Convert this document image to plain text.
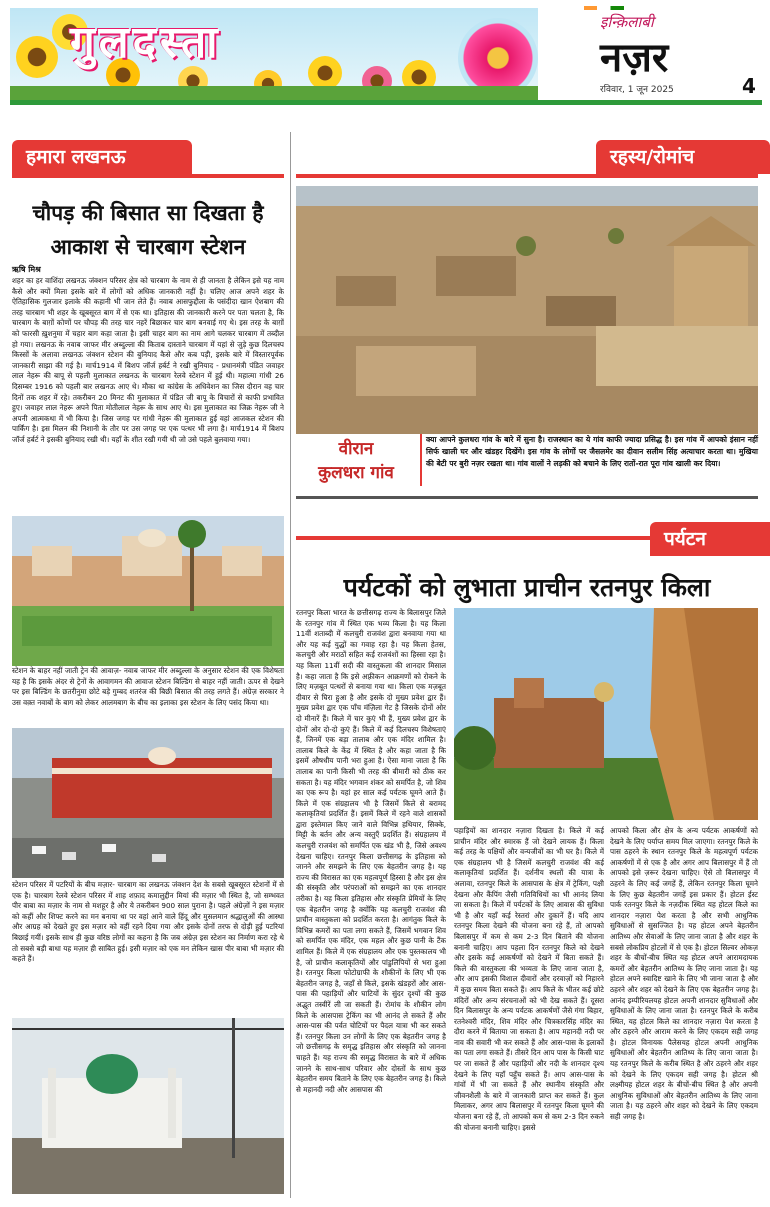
गुलदस्ता	इन्क़िलाबी
नज़र
रविवार, 1 जून 2025	4
हमारा लखनऊ
चौपड़ की बिसात सा दिखता है आकाश से चारबाग स्टेशन
ऋषि मिश्र
शहर का हर वाशिंदा लखनऊ जंक्शन परिसर क्षेत्र को चारबाग के नाम से ही जानता है लेकिन इसे यह नाम कैसे और क्यों मिला इसके बारे में लोगों को अधिक जानकारी नहीं है। चलिए आज अपने शहर के ऐतिहासिक गुलजार इलाके की कहानी भी जान लेते हैं। नवाब आसफुद्दौला के पसंदीदा खान ऐशबाग की तरह चारबाग भी शहर के खूबसूरत बाग में से एक था। इतिहास की जानकारी करने पर पता चलता है, कि चारबाग के बाग़ों कोणों पर चौपड़ की तरह चार नहरें बिछाकर चार बाग बनवाई गए थे। इस तरह के बाग़ों को फारसी ख़ुशनुमा में चहार बाग कहा जाता है। इसी चाहर बाग का नाम आगे चलकर चारबाग में तब्दील हो गया। लखनऊ के नवाब जाफर मीर अब्दुल्ला की किताब दास्ताने चारबाग में यहां से जुड़े कुछ दिलचस्प किस्सों के अलावा लखनऊ जंक्शन स्टेशन की बुनियाद कैसे और कब पड़ी, इसके बारे में विस्तारपूर्वक जानकारी साझा की गई है। मार्च1914 में बिशप जॉर्ज हर्बर्ट ने रखी बुनियाद - प्रधानमंत्री पंडित जवाहर लाल नेहरू की बापू से पहली मुलाकात लखनऊ के चारबाग रेलवे स्टेशन में हुई थी। महात्मा गांधी 26 दिसम्बर 1916 को पहली बार लखनऊ आए थे। मौका था कांग्रेस के अधिवेशन का जिस दौरान वह चार दिनों तक शहर में रहे। तकरीबन 20 मिनट की मुलाकात में पंडित जी बापू के विचारों से काफी प्रभावित हुए। जवाहर लाल नेहरू अपने पिता मोतीलाल नेहरू के साथ आए थे। इस मुलाकात का जिक्र नेहरू जी ने अपनी आत्मकथा में भी किया है। जिस जगह पर गांधी नेहरू की मुलाकात हुई वहां आजकल स्टेशन की पार्किंग है। इस मिलन की निशानी के तौर पर उस जगह पर एक पत्थर भी लगा है। मार्च1914 में बिशप जॉर्ज हर्बर्ट ने इसकी बुनियाद रखी थी। यहाँ के शीत रखी गयी थी जो उसे पहले बुलवाया गया।
स्टेशन के बाहर नहीं जाती ट्रेन की आवाज़- नवाब जाफर मीर अब्दुल्ला के अनुसार स्टेशन की एक विशेषता यह है कि इसके अंदर से ट्रेनों के आवागमन की आवाज स्टेशन बिल्डिंग से बाहर नहीं जाती। ऊपर से देखने पर इस बिल्डिंग के छतरीनुमा छोटे बड़े गुम्बद शतरंज की बिछी बिसात की तरह लगते हैं। अंग्रेज़ सरकार ने उस वक़्त नवाबों के बाग को लेकर आलमबाग के बीच का इलाका इस स्टेशन के लिए पसंद किया था।
स्टेशन परिसर में पटरियों के बीच मज़ार- चारबाग का लखनऊ जंक्शन देश के सबसे खूबसूरत स्टेशनों में से एक है। चारबाग रेलवे स्टेशन परिसर में शाह शफ़ाद कमालुद्दीन मियां की मज़ार भी स्थित है, जो सम्भवत पीर बाबा का मज़ार के नाम से मशहूर है और ये तकरीबन 900 साल पुराना है। पहले अंग्रेज़ों ने इस मज़ार को कहीं और शिफ्ट करने का मन बनाया था पर वहां आने वाले हिंदू और मुसलमान श्रद्धालुओं की आस्था और आग्रह को देखते हुए इस मज़ार को वहीं रहने दिया गया और इसके दोनों तरफ से दोड़ी हुई पटरियां बिछाई गयीं। इसके साथ ही कुछ वरिष्ठ लोगों का कहना है कि जब अंग्रेज़ इस स्टेशन का निर्माण करा रहे थे तो सबसे बड़ी बाधा यह मज़ार ही साबित हुई। इसी मज़ार को एक मन लेकिन खास पीर बाबा भी मज़ार की कहते हैं।
रहस्य/रोमांच
वीरान
कुलधरा गांव
क्या आपने कुलधरा गांव के बारे में सुना है। राजस्थान का ये गांव काफी ज्यादा प्रसिद्ध है। इस गांव में आपको इंसान नहीं सिर्फ खाली घर और खंडहर दिखेंगे। इस गांव के लोगों पर जैसलमेर का दीवान सलीम सिंह अत्याचार करता था। मुखिया की बेटी पर बुरी नज़र रखता था। गांव वालों ने लड़की को बचाने के लिए रातों-रात पूरा गांव खाली कर दिया।
पर्यटन
पर्यटकों को लुभाता प्राचीन रतनपुर किला
रतनपुर किला भारत के छत्तीसगढ़ राज्य के बिलासपुर जिले के रतनपुर गांव में स्थित एक भव्य किला है। यह किला 11वीं शताब्दी में कलचुरी राजवंश द्वारा बनवाया गया था और यह कई युद्धों का गवाह रहा है। यह किला हेतस, कलचुरी और मराठों सहित कई राजवंशों का हिस्सा रहा है। यह किला 11वीं सदी की वास्तुकला की शानदार मिसाल है। कहा जाता है कि इसे अफ़्रीकन आक्रमणों को रोकने के लिए मज़बूत पत्थरों से बनाया गया था। किला एक मज़बूत दीवार से घिरा हुआ है और इसके दो मुख्य प्रवेश द्वार हैं। मुख्य प्रवेश द्वार एक पाँच मंज़िला गेट है जिसके दोनों ओर दो मीनारें हैं। किले में चार कुएं भी हैं, मुख्य प्रवेश द्वार के दोनों ओर दो-दो कुएं हैं। किले में कई दिलचस्प विशेषताएं हैं, जिनमें एक बड़ा तालाब और एक मंदिर शामिल है। तालाब किले के केंद्र में स्थित है और कहा जाता है कि इसमें औषधीय पानी भरा हुआ है। ऐसा माना जाता है कि तालाब का पानी किसी भी तरह की बीमारी को ठीक कर सकता है। यह मंदिर भगवान शंकर को समर्पित है, जो शिव का एक रूप है। यहां हर साल कई पर्यटक घूमने आते हैं। किले में एक संग्रहालय भी है जिसमें किले से बरामद कलाकृतियां प्रदर्शित हैं। इसमें किले में रहने वाले शासकों द्वारा इस्तेमाल किए जाने वाले विभिन्न हथियार, सिक्के, मिट्टी के बर्तन और अन्य वस्तुएँ प्रदर्शित हैं। संग्रहालय में कलचुरी राजवंश को समर्पित एक खंड भी है, जिसे अवश्य देखना चाहिए। रतनपुर किला छत्तीसगढ़ के इतिहास को जानने और समझने के लिए एक बेहतरीन जगह है। यह राज्य की विरासत का एक महत्वपूर्ण हिस्सा है और इस क्षेत्र की संस्कृति और परंपराओं को समझने का एक शानदार तरीका है। यह किला इतिहास और संस्कृति प्रेमियों के लिए एक बेहतरीन जगह है क्योंकि यह कलचुरी राजवंश की प्राचीन वास्तुकला को प्रदर्शित करता है। आगंतुक किले के विभिन्न कमरों का पता लगा सकते हैं, जिसमें भगवान शिव को समर्पित एक मंदिर, एक महल और कुछ पानी के टैंक शामिल हैं। किले में एक संग्रहालय और एक पुस्तकालय भी है, जो प्राचीन कलाकृतियों और पांडुलिपियों से भरा हुआ है। रतनपुर किला फोटोग्राफी के शौकीनों के लिए भी एक बेहतरीन जगह है, जहाँ से किले, इसके खंडहरों और आस-पास की पहाड़ियों और घाटियों के सुंदर दृश्यों की कुछ अद्भुत तस्वीरें ली जा सकती हैं। रोमांच के शौकीन लोग किले के आसपास ट्रेकिंग का भी आनंद ले सकते हैं और आस-पास की पर्वत चोटियों पर पैदल यात्रा भी कर सकते हैं। रतनपुर किला उन लोगों के लिए एक बेहतरीन जगह है जो छत्तीसगढ़ के समृद्ध इतिहास और संस्कृति को जानना चाहते हैं। यह राज्य की समृद्ध विरासत के बारे में अधिक जानने के साथ-साथ परिवार और दोस्तों के साथ कुछ बेहतरीन समय बिताने के लिए एक बेहतरीन जगह है। किले से महानदी नदी और आसपास की
पहाड़ियों का शानदार नज़ारा दिखता है। किले में कई प्राचीन मंदिर और स्मारक हैं जो देखने लायक हैं। किला कई तरह के पक्षियों और वन्यजीवों का भी घर है। किले में एक संग्रहालय भी है जिसमें कलचुरी राजवंश की कई कलाकृतियां प्रदर्शित हैं। दर्शनीय स्थलों की यात्रा के अलावा, रतनपुर किले के आसपास के क्षेत्र में ट्रेकिंग, पक्षी देखना और कैंपिंग जैसी गतिविधियों का भी आनंद लिया जा सकता है। किले में पर्यटकों के लिए आवास की सुविधा भी है और यहाँ कई रेस्तरां और दुकानें हैं। यदि आप रतनपुर किला देखने की योजना बना रहे हैं, तो आपको बिलासपुर में कम से कम 2-3 दिन बिताने की योजना बनानी चाहिए। आप पहला दिन रतनपुर किले को देखने और इसके कई आकर्षणों को देखने में बिता सकते हैं। किले की वास्तुकला की भव्यता के लिए जाना जाता है, और आप इसकी विशाल दीवारों और दरवाज़ों को निहारने में कुछ समय बिता सकते हैं। आप किले के भीतर कई छोटे मंदिरों और अन्य संरचनाओं को भी देख सकते हैं। दूसरा दिन बिलासपुर के अन्य पर्यटक आकर्षणों जैसे गंगा बिहार, रतनेश्वरी मंदिर, शिव मंदिर और चित्रकारसिंह मंदिर का दौरा करने में बिताया जा सकता है। आप महानदी नदी पर नाव की सवारी भी कर सकते हैं और आस-पास के इलाकों का पता लगा सकते हैं। तीसरे दिन आप पास के किसी घाट पर जा सकते हैं और पहाड़ियों और नदी के शानदार दृश्य देखने के लिए यहाँ पहुँच सकते हैं। आप आस-पास के गांवों में भी जा सकते हैं और स्थानीय संस्कृति और जीवनशैली के बारे में जानकारी प्राप्त कर सकते हैं। कुल मिलाकर, अगर आप बिलासपुर में रतनपुर किला घूमने की योजना बना रहे हैं, तो आपको कम से कम 2-3 दिन रुकने की योजना बनानी चाहिए। इससे
आपको किला और क्षेत्र के अन्य पर्यटक आकर्षणों को देखने के लिए पर्याप्त समय मिल जाएगा। रतनपुर किले के पास ठहरने के स्थान रतनपुर किले के महत्वपूर्ण पर्यटक आकर्षणों में से एक है और अगर आप बिलासपुर में हैं तो आपको इसे ज़रूर देखना चाहिए। ऐसे तो बिलासपुर में ठहरने के लिए कई जगहें हैं, लेकिन रतनपुर किला घूमने के लिए कुछ बेहतरीन जगहें इस प्रकार हैं। होटल ईस्ट पार्क रतनपुर किले के नज़दीक स्थित यह होटल किले का शानदार नज़ारा पेश करता है और सभी आधुनिक सुविधाओं से सुसज्जित है। यह होटल अपने बेहतरीन आतिथ्य और सेवाओं के लिए जाना जाता है और शहर के सबसे लोकप्रिय होटलों में से एक है। होटल सिल्वर ओकज़ शहर के बीचों-बीच स्थित यह होटल अपने आरामदायक कमरों और बेहतरीन आतिथ्य के लिए जाना जाता है। यह होटल अपने स्वादिष्ट खाने के लिए भी जाना जाता है और ठहरने और शहर को देखने के लिए एक बेहतरीन जगह है। आनंद इम्पीरियलयह होटल अपनी शानदार सुविधाओं और सुविधाओं के लिए जाना जाता है। रतनपुर किले के करीब स्थित, यह होटल किले का शानदार नज़ारा पेश करता है और ठहरने और आराम करने के लिए एकदम सही जगह है। होटल विनायक पैलेसयह होटल अपनी आधुनिक सुविधाओं और बेहतरीन आतिथ्य के लिए जाना जाता है। यह रतनपुर किले के करीब स्थित है और ठहरने और शहर को देखने के लिए एकदम सही जगह है। होटल श्री लक्ष्मीयह होटल शहर के बीचों-बीच स्थित है और अपनी आधुनिक सुविधाओं और बेहतरीन आतिथ्य के लिए जाना जाता है। यह ठहरने और शहर को देखने के लिए एकदम सही जगह है।
